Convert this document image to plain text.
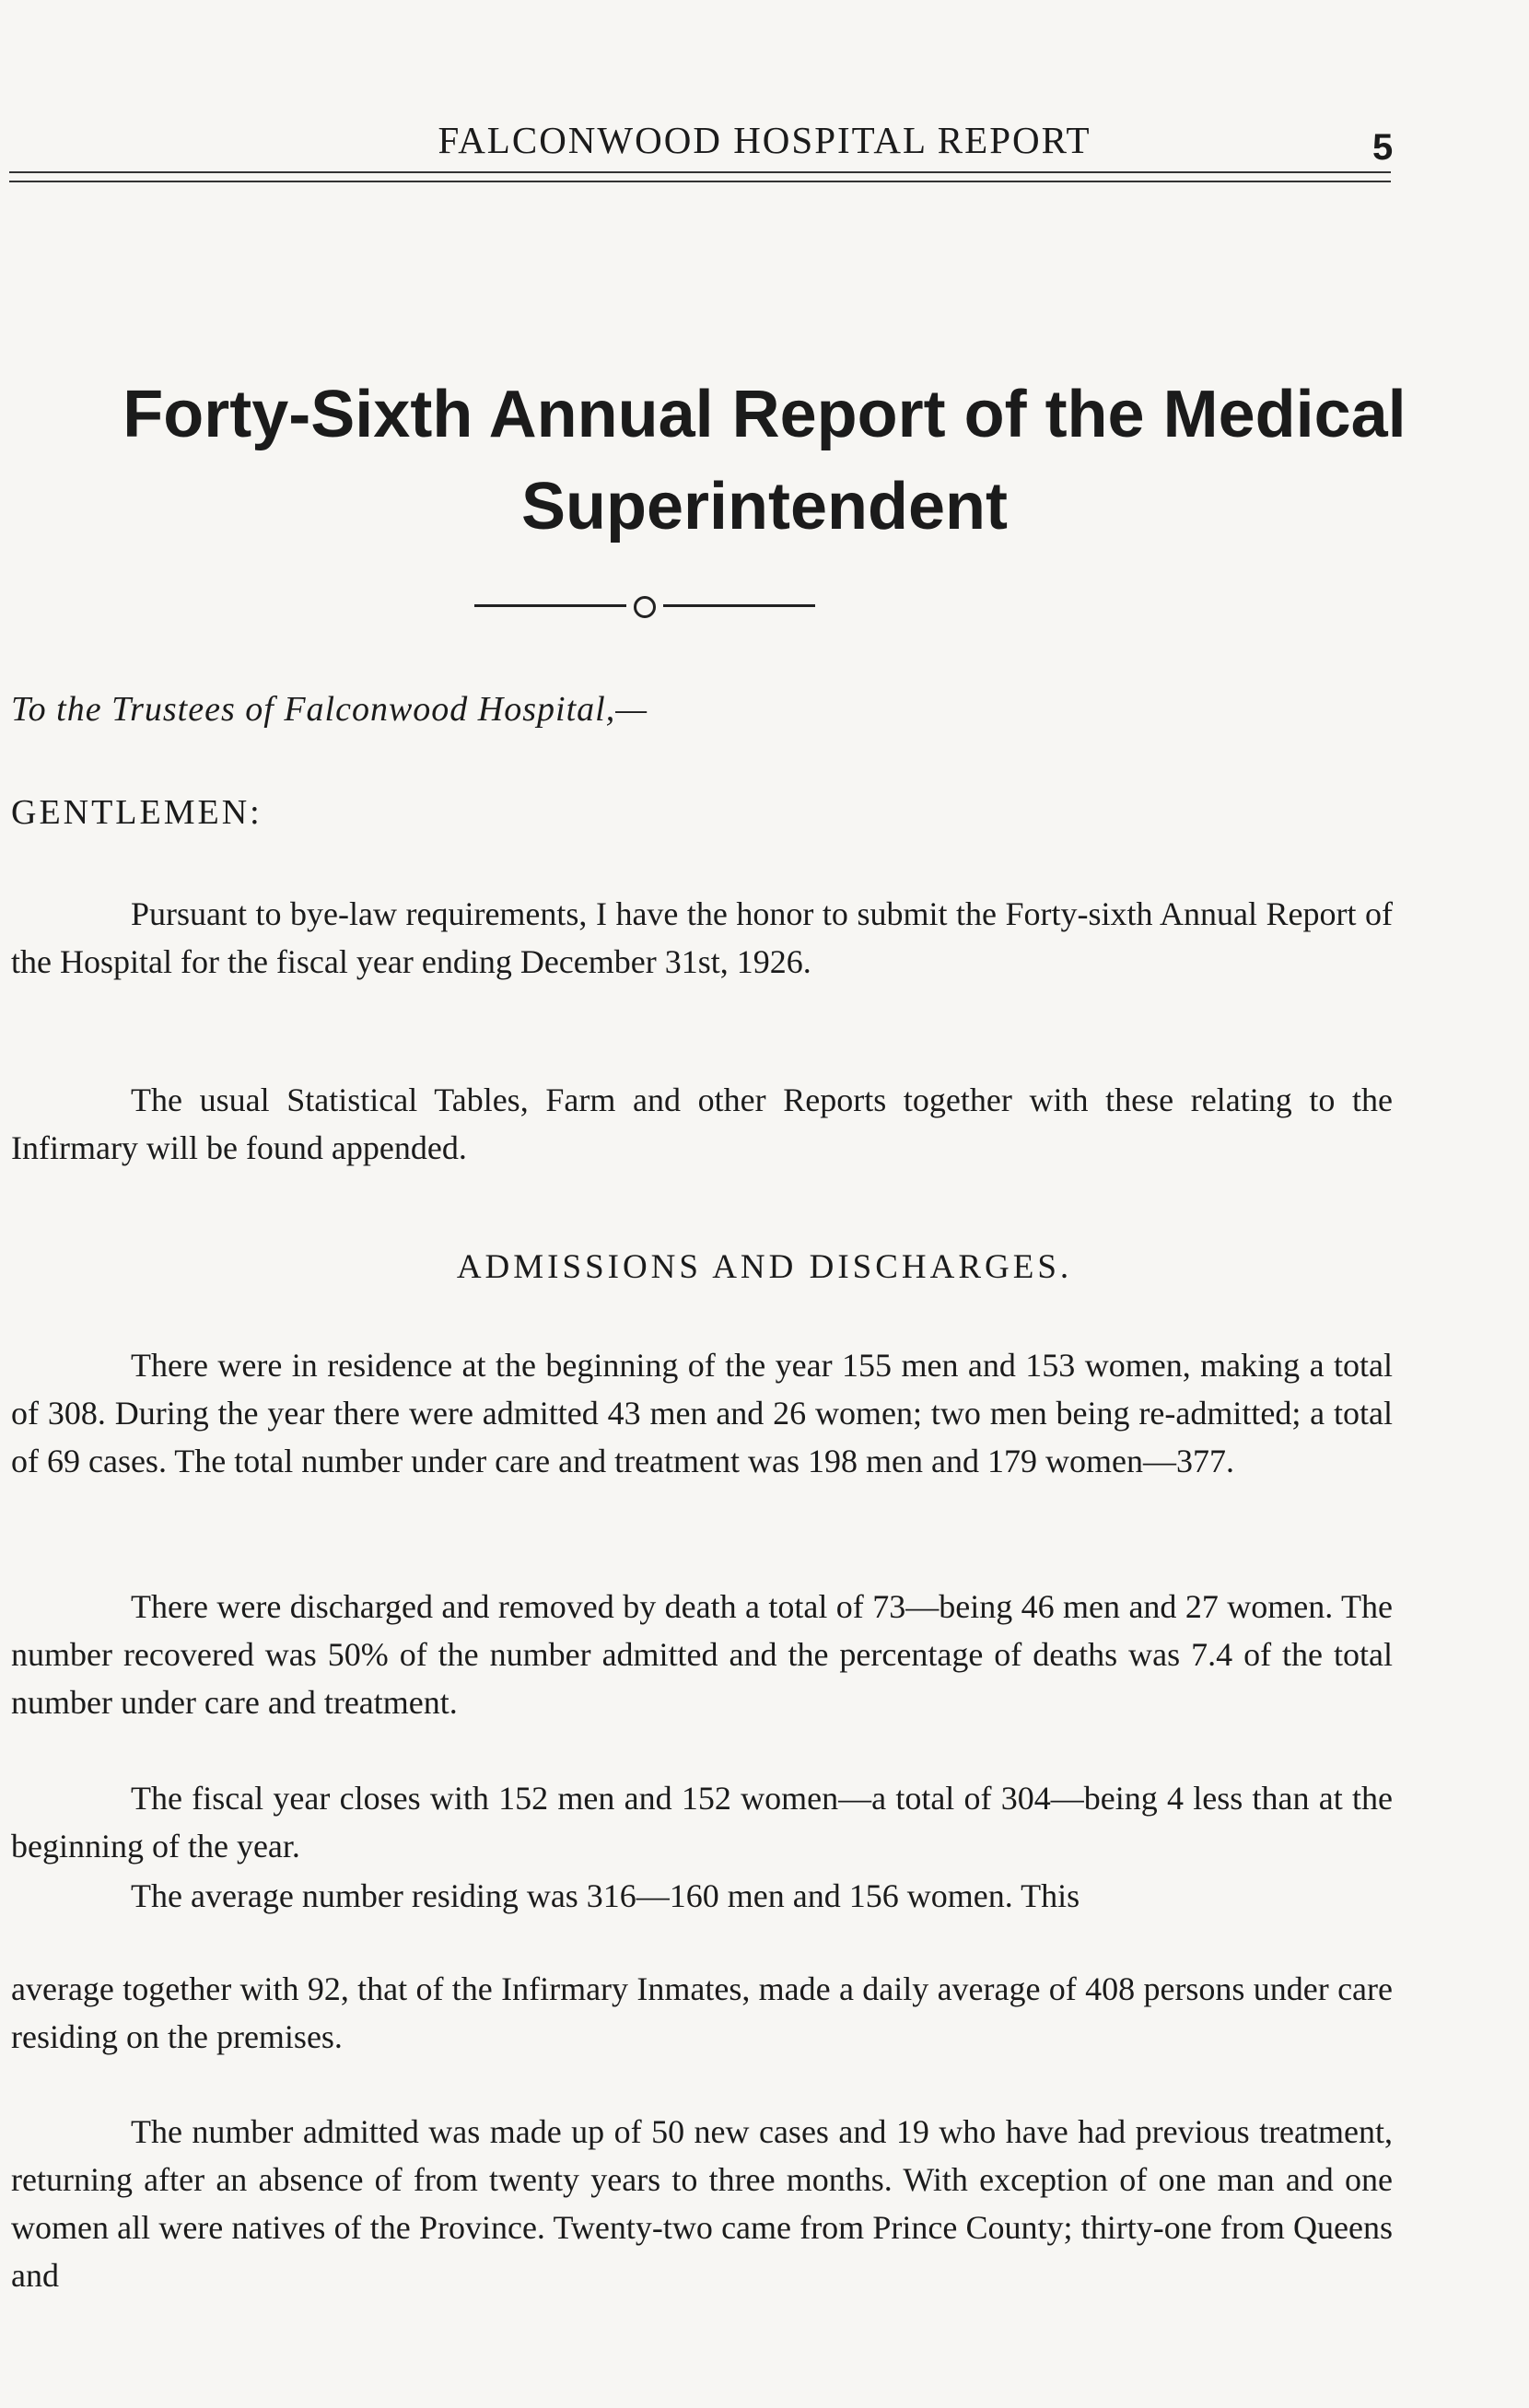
FALCONWOOD HOSPITAL REPORT	5
Forty-Sixth Annual Report of the Medical
Superintendent
To the Trustees of Falconwood Hospital,—
GENTLEMEN:

Pursuant to bye-law requirements, I have the honor to submit the Forty-sixth Annual Report of the Hospital for the fiscal year ending December 31st, 1926.

The usual Statistical Tables, Farm and other Reports together with these relating to the Infirmary will be found appended.

ADMISSIONS AND DISCHARGES.

There were in residence at the beginning of the year 155 men and 153 women, making a total of 308. During the year there were admitted 43 men and 26 women; two men being re-admitted; a total of 69 cases. The total number under care and treatment was 198 men and 179 women—377.

There were discharged and removed by death a total of 73—being 46 men and 27 women. The number recovered was 50% of the number admitted and the percentage of deaths was 7.4 of the total number under care and treatment.

The fiscal year closes with 152 men and 152 women—a total of 304—being 4 less than at the beginning of the year.

The average number residing was 316—160 men and 156 women. This

average together with 92, that of the Infirmary Inmates, made a daily average of 408 persons under care residing on the premises.

The number admitted was made up of 50 new cases and 19 who have had previous treatment, returning after an absence of from twenty years to three months. With exception of one man and one women all were natives of the Province. Twenty-two came from Prince County; thirty-one from Queens and
